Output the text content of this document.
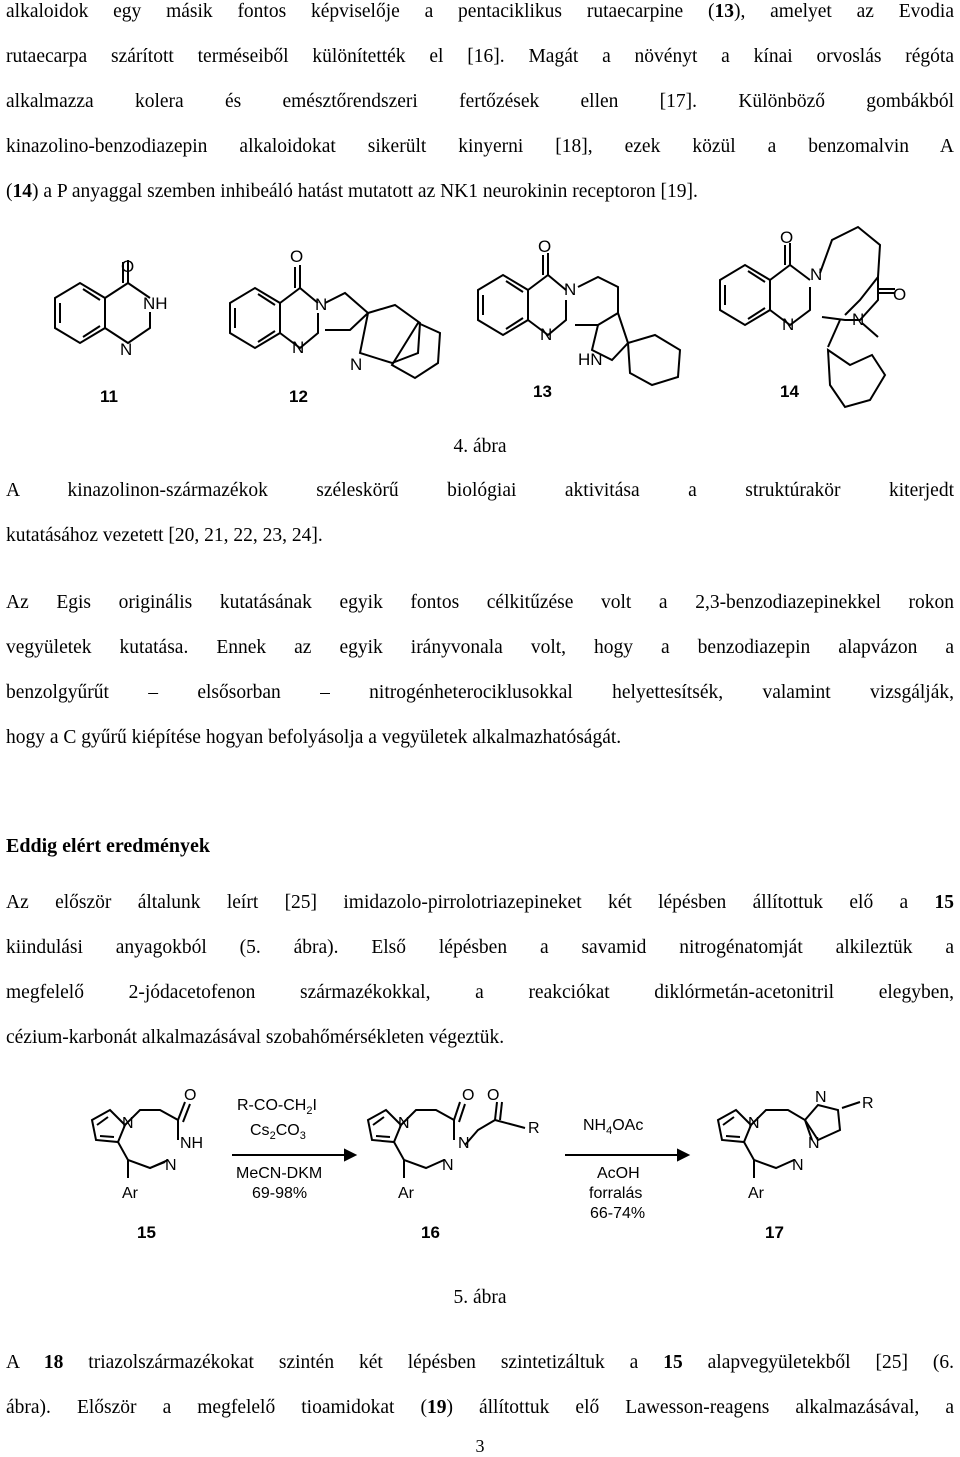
alkaloidok egy másik fontos képviselője a pentaciklikus rutaecarpine (13), amelyet az Evodia
rutaecarpa szárított terméseiből különítették el [16]. Magát a növényt a kínai orvoslás régóta
alkalmazza kolera és emésztőrendszeri fertőzések ellen [17]. Különböző gombákból
kinazolino-benzodiazepin alkaloidokat sikerült kinyerni [18], ezek közül a benzomalvin A
(14) a P anyaggal szemben inhibeáló hatást mutatott az NK1 neurokinin receptoron [19].
O
NH
N
O
N
N
N
O
N
N
HN
O
N
O
N	N
11	12	13	14
4. ábra
A kinazolinon-származékok széleskörű biológiai aktivitása a struktúrakör kiterjedt
kutatásához vezetett [20, 21, 22, 23, 24].
Az Egis originális kutatásának egyik fontos célkitűzése volt a 2,3-benzodiazepinekkel rokon
vegyületek kutatása. Ennek az egyik irányvonala volt, hogy a benzodiazepin alapvázon a
benzolgyűrűt – elsősorban – nitrogénheterociklusokkal helyettesítsék, valamint vizsgálják,
hogy a C gyűrű kiépítése hogyan befolyásolja a vegyületek alkalmazhatóságát.
Eddig elért eredmények
Az először általunk leírt [25] imidazolo-pirrolotriazepineket két lépésben állítottuk elő a 15
kiindulási anyagokból (5. ábra). Első lépésben a savamid nitrogénatomját alkileztük a
megfelelő 2-jódacetofenon származékokkal, a reakciókat diklórmetán-acetonitril elegyben,
cézium-karbonát alkalmazásával szobahőmérsékleten végeztük.
N
O
NH
N
Ar
$R-CO-CH_2I$
$Cs_2CO_3$
MeCN-DKM
69-98%
N
O O
N
R
N
Ar
$NH_4OAc$
AcOH
forralás
66-74%
N
N R
N
N
Ar
15	16	17
5. ábra
A 18 triazolszármazékokat szintén két lépésben szintetizáltuk a 15 alapvegyületekből [25] (6.
ábra). Először a megfelelő tioamidokat (19) állítottuk elő Lawesson-reagens alkalmazásával, a
3
